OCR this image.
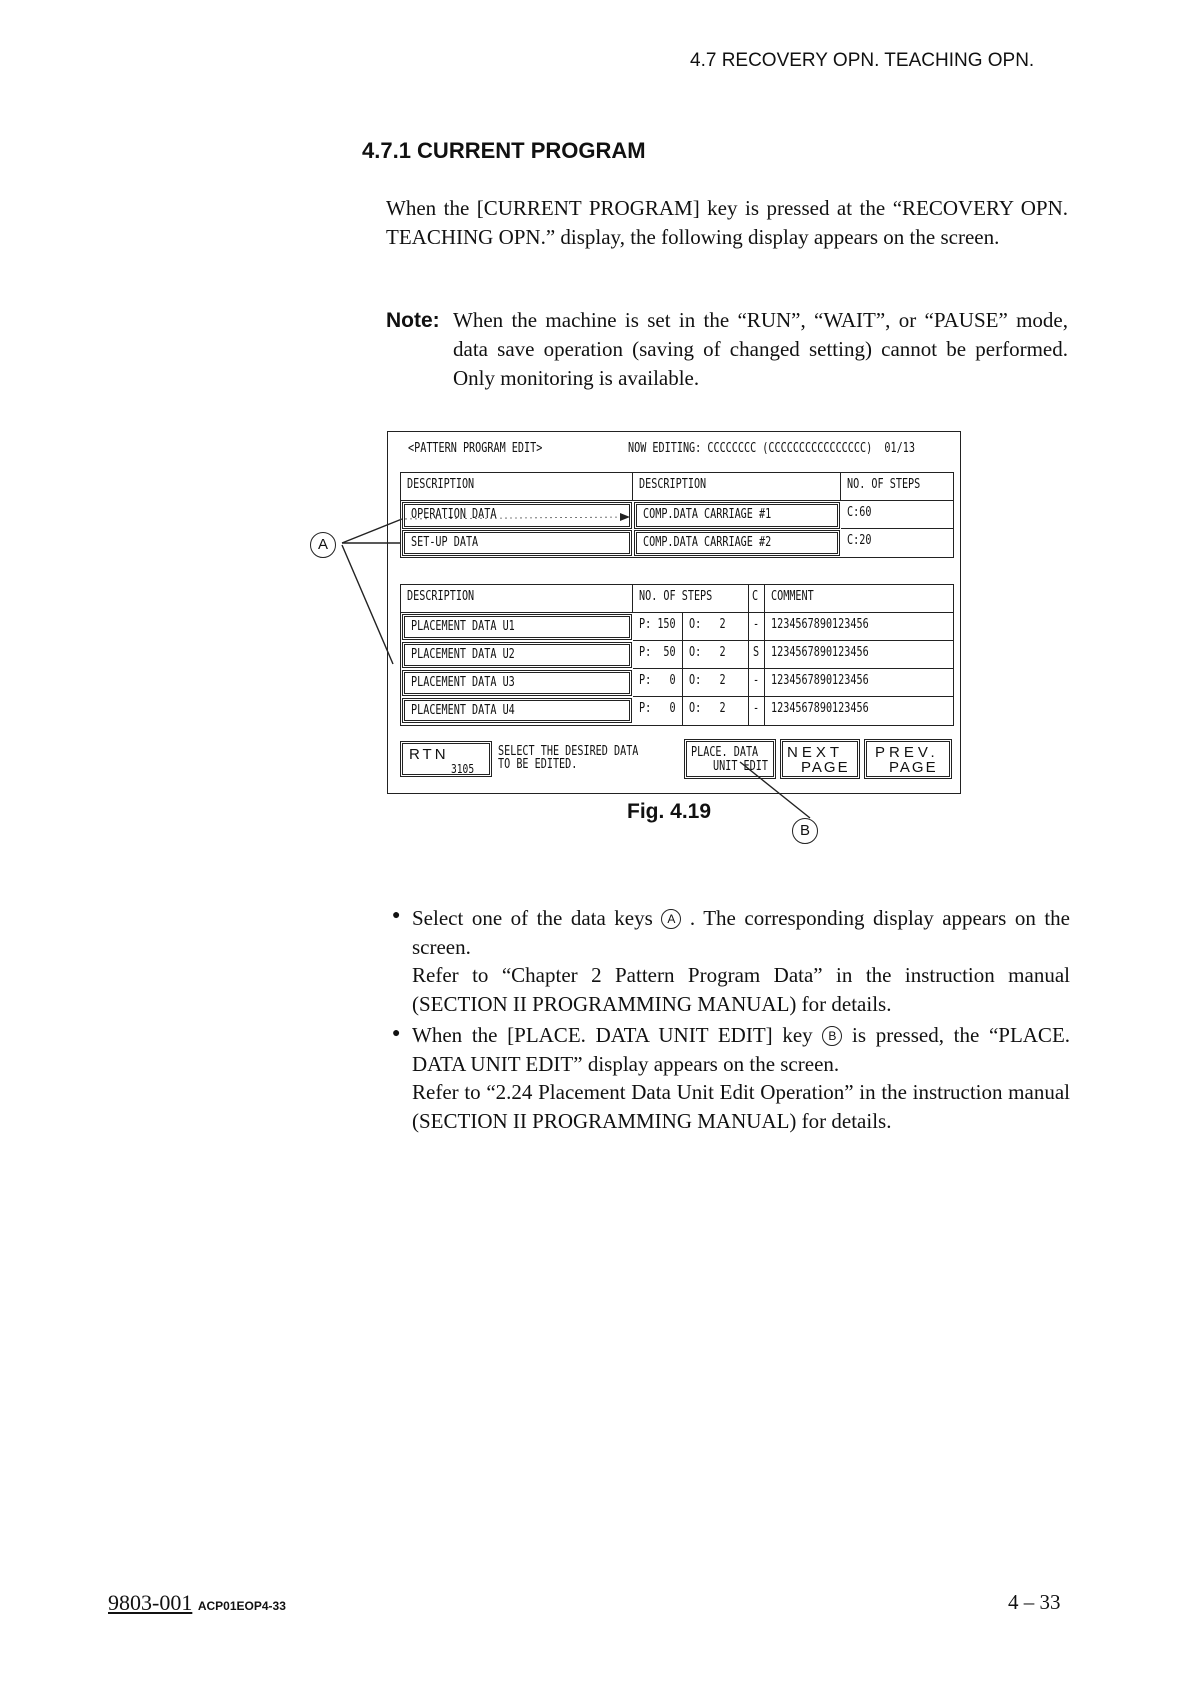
4.7 RECOVERY OPN. TEACHING OPN.
4.7.1 CURRENT PROGRAM
When the [CURRENT PROGRAM] key is pressed at the “RECOVERY OPN. TEACHING OPN.” display, the following display appears on the screen.
Note: When the machine is set in the “RUN”, “WAIT”, or “PAUSE” mode, data save operation (saving of changed setting) cannot be performed. Only monitoring is available.
<PATTERN PROGRAM EDIT>	NOW EDITING: CCCCCCCC (CCCCCCCCCCCCCCCC)  01/13
DESCRIPTION	DESCRIPTION	NO. OF STEPS
OPERATION DATA	COMP.DATA CARRIAGE #1	C:60
SET-UP DATA	COMP.DATA CARRIAGE #2	C:20
DESCRIPTION	NO. OF STEPS	C COMMENT
PLACEMENT DATA U1	P: 150 O:   2 - 1234567890123456
PLACEMENT DATA U2	P:  50 O:   2 S 1234567890123456
PLACEMENT DATA U3	P:   0 O:   2 - 1234567890123456
PLACEMENT DATA U4	P:   0 O:   2 - 1234567890123456
RTN
3105
SELECT THE DESIRED DATA
TO BE EDITED.
PLACE. DATA
UNIT EDIT
NEXT
PAGE
PREV.
PAGE
A
B
Fig. 4.19
● Select one of the data keys A . The corresponding display appears on the screen.
Refer to “Chapter 2 Pattern Program Data” in the instruction manual (SECTION II PROGRAMMING MANUAL) for details.
● When the [PLACE. DATA UNIT EDIT] key B is pressed, the “PLACE. DATA UNIT EDIT” display appears on the screen.
Refer to “2.24 Placement Data Unit Edit Operation” in the instruction manual (SECTION II PROGRAMMING MANUAL) for details.
9803-001 ACP01EOP4-33	4 – 33
